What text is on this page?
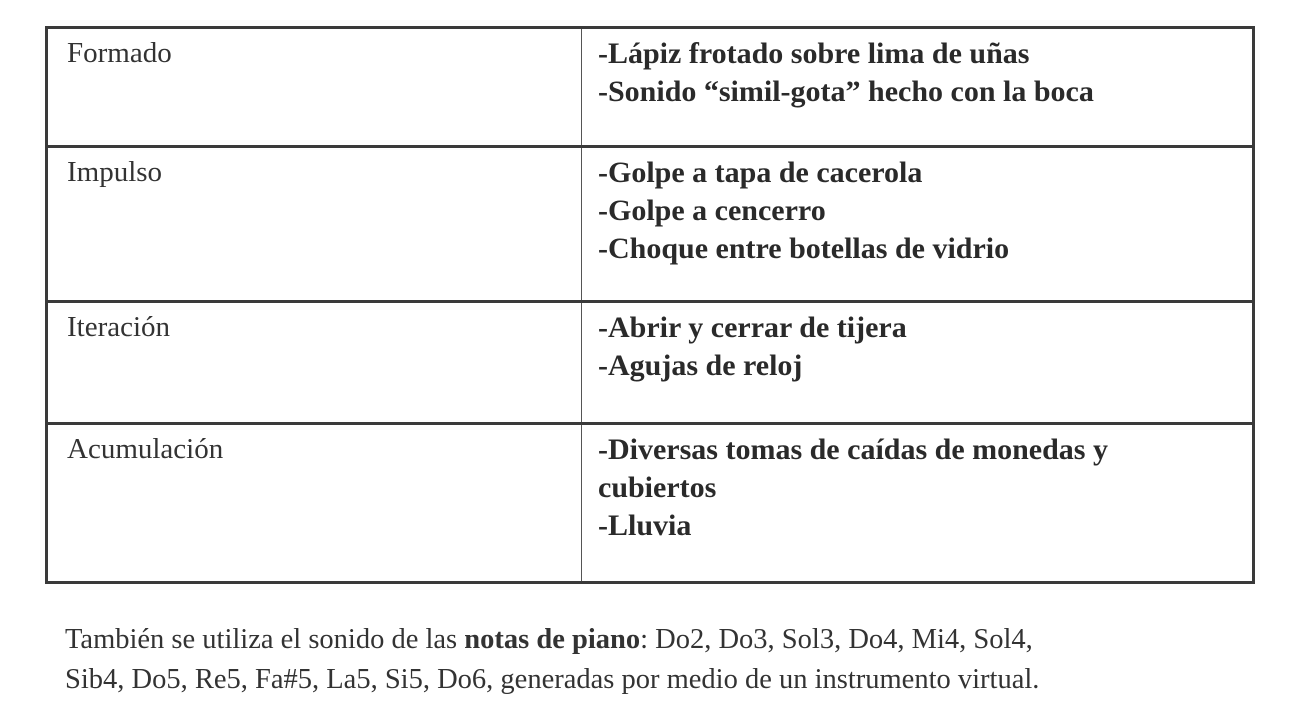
Formado	-Lápiz frotado sobre lima de uñas
-Sonido “simil-gota” hecho con la boca

Impulso	-Golpe a tapa de cacerola
-Golpe a cencerro
-Choque entre botellas de vidrio

Iteración	-Abrir y cerrar de tijera
-Agujas de reloj

Acumulación	-Diversas tomas de caídas de monedas y
cubiertos
-Lluvia
También se utiliza el sonido de las notas de piano: Do2, Do3, Sol3, Do4, Mi4, Sol4,
Sib4, Do5, Re5, Fa#5, La5, Si5, Do6, generadas por medio de un instrumento virtual.
